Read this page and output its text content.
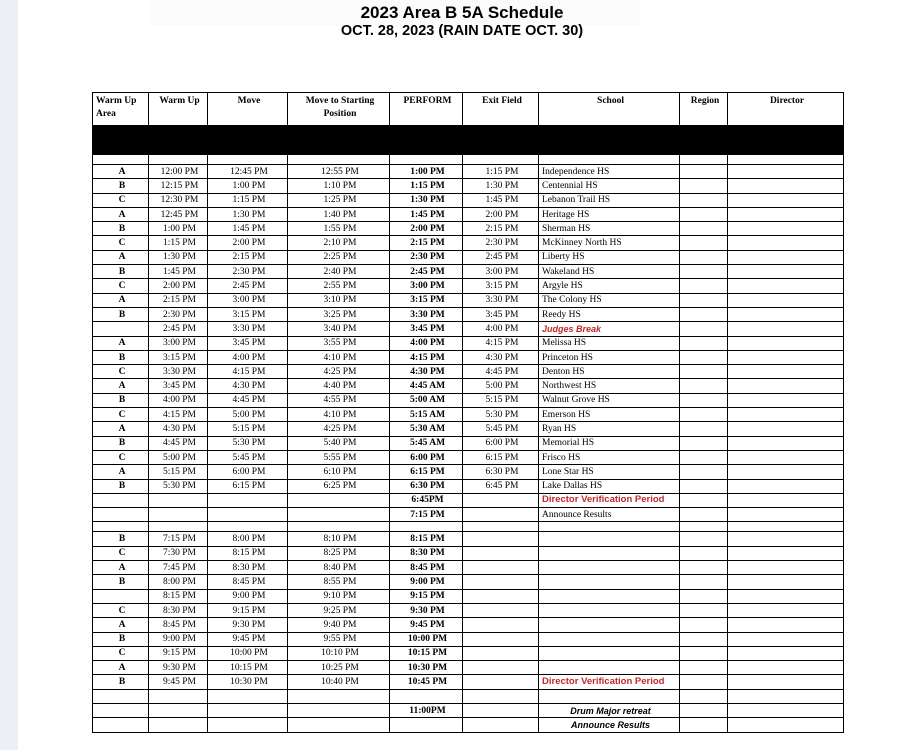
2023 Area B 5A Schedule
OCT. 28, 2023 (RAIN DATE OCT. 30)
Warm Up Area	Warm Up	Move	Move to Starting Position	PERFORM	Exit Field	School	Region	Director

A	12:00 PM	12:45 PM	12:55 PM	1:00 PM	1:15 PM	Independence HS		
B	12:15 PM	1:00 PM	1:10 PM	1:15 PM	1:30 PM	Centennial HS		
C	12:30 PM	1:15 PM	1:25 PM	1:30 PM	1:45 PM	Lebanon Trail HS		
A	12:45 PM	1:30 PM	1:40 PM	1:45 PM	2:00 PM	Heritage HS		
B	1:00 PM	1:45 PM	1:55 PM	2:00 PM	2:15 PM	Sherman HS		
C	1:15 PM	2:00 PM	2:10 PM	2:15 PM	2:30 PM	McKinney North HS		
A	1:30 PM	2:15 PM	2:25 PM	2:30 PM	2:45 PM	Liberty HS		
B	1:45 PM	2:30 PM	2:40 PM	2:45 PM	3:00 PM	Wakeland HS		
C	2:00 PM	2:45 PM	2:55 PM	3:00 PM	3:15 PM	Argyle HS		
A	2:15 PM	3:00 PM	3:10 PM	3:15 PM	3:30 PM	The Colony HS		
B	2:30 PM	3:15 PM	3:25 PM	3:30 PM	3:45 PM	Reedy HS		
	2:45 PM	3:30 PM	3:40 PM	3:45 PM	4:00 PM	Judges Break		
A	3:00 PM	3:45 PM	3:55 PM	4:00 PM	4:15 PM	Melissa HS		
B	3:15 PM	4:00 PM	4:10 PM	4:15 PM	4:30 PM	Princeton HS		
C	3:30 PM	4:15 PM	4:25 PM	4:30 PM	4:45 PM	Denton HS		
A	3:45 PM	4:30 PM	4:40 PM	4:45 AM	5:00 PM	Northwest HS		
B	4:00 PM	4:45 PM	4:55 PM	5:00 AM	5:15 PM	Walnut Grove HS		
C	4:15 PM	5:00 PM	4:10 PM	5:15 AM	5:30 PM	Emerson HS		
A	4:30 PM	5:15 PM	4:25 PM	5:30 AM	5:45 PM	Ryan HS		
B	4:45 PM	5:30 PM	5:40 PM	5:45 AM	6:00 PM	Memorial HS		
C	5:00 PM	5:45 PM	5:55 PM	6:00 PM	6:15 PM	Frisco HS		
A	5:15 PM	6:00 PM	6:10 PM	6:15 PM	6:30 PM	Lone Star HS		
B	5:30 PM	6:15 PM	6:25 PM	6:30 PM	6:45 PM	Lake Dallas HS		
				6:45PM		Director Verification Period		
				7:15 PM		Announce Results		

B	7:15 PM	8:00 PM	8:10 PM	8:15 PM				
C	7:30 PM	8:15 PM	8:25 PM	8:30 PM				
A	7:45 PM	8:30 PM	8:40 PM	8:45 PM				
B	8:00 PM	8:45 PM	8:55 PM	9:00 PM				
	8:15 PM	9:00 PM	9:10 PM	9:15 PM				
C	8:30 PM	9:15 PM	9:25 PM	9:30 PM				
A	8:45 PM	9:30 PM	9:40 PM	9:45 PM				
B	9:00 PM	9:45 PM	9:55 PM	10:00 PM				
C	9:15 PM	10:00 PM	10:10 PM	10:15 PM				
A	9:30 PM	10:15 PM	10:25 PM	10:30 PM				
B	9:45 PM	10:30 PM	10:40 PM	10:45 PM		Director Verification Period		

				11:00PM		Drum Major retreat		
						Announce Results		
